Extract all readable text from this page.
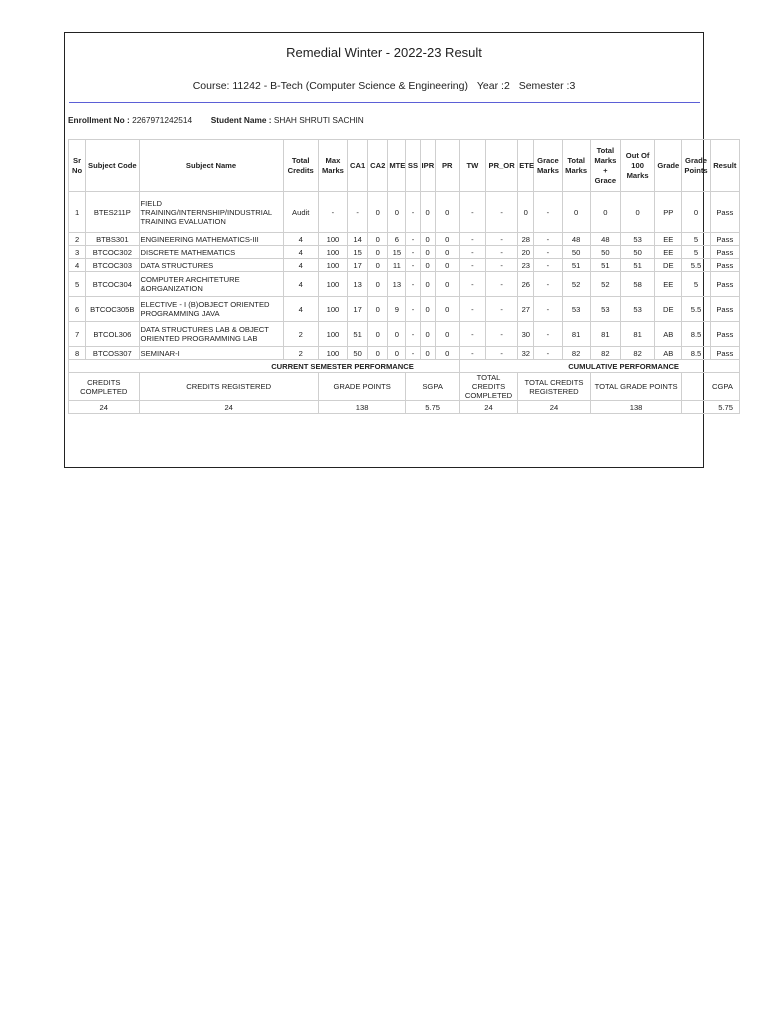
Remedial Winter - 2022-23 Result
Course: 11242 - B-Tech (Computer Science & Engineering) Year :2 Semester :3
Enrollment No : 2267971242514 Student Name : SHAH SHRUTI SACHIN
Sr No	Subject Code	Subject Name	Total Credits	Max Marks	CA1	CA2	MTE	SS	IPR	PR	TW	PR_OR	ETE	Grace Marks	Total Marks	Total Marks + Grace	Out Of 100 Marks	Grade	Grade Points	Result
1	BTES211P	FIELD TRAINING/INTERNSHIP/INDUSTRIAL TRAINING EVALUATION	Audit	-	-	0	0	-	0	0	-	-	0	-	0	0	0	PP	0	Pass
2	BTBS301	ENGINEERING MATHEMATICS-III	4	100	14	0	6	-	0	0	-	-	28	-	48	48	53	EE	5	Pass
3	BTCOC302	DISCRETE MATHEMATICS	4	100	15	0	15	-	0	0	-	-	20	-	50	50	50	EE	5	Pass
4	BTCOC303	DATA STRUCTURES	4	100	17	0	11	-	0	0	-	-	23	-	51	51	51	DE	5.5	Pass
5	BTCOC304	COMPUTER ARCHITETURE &ORGANIZATION	4	100	13	0	13	-	0	0	-	-	26	-	52	52	58	EE	5	Pass
6	BTCOC305B	ELECTIVE - I (B)OBJECT ORIENTED PROGRAMMING JAVA	4	100	17	0	9	-	0	0	-	-	27	-	53	53	53	DE	5.5	Pass
7	BTCOL306	DATA STRUCTURES LAB & OBJECT ORIENTED PROGRAMMING LAB	2	100	51	0	0	-	0	0	-	-	30	-	81	81	81	AB	8.5	Pass
8	BTCOS307	SEMINAR-I	2	100	50	0	0	-	0	0	-	-	32	-	82	82	82	AB	8.5	Pass
CURRENT SEMESTER PERFORMANCE											CUMULATIVE PERFORMANCE									
CREDITS COMPLETED		CREDITS REGISTERED		GRADE POINTS				SGPA			TOTAL CREDITS COMPLETED		TOTAL CREDITS REGISTERED			TOTAL GRADE POINTS			CGPA	
24		24		138				5.75			24		24			138			5.75	
